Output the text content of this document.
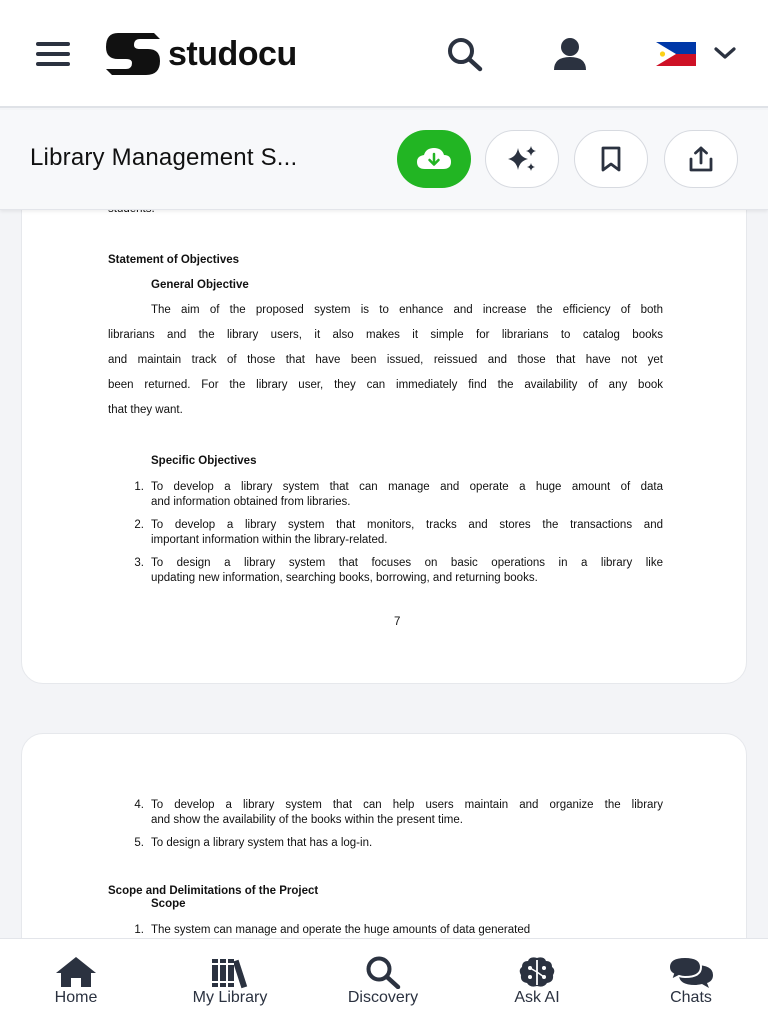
studocu
Library Management S...
Statement of Objectives
General Objective
The aim of the proposed system is to enhance and increase the efficiency of both
librarians and the library users, it also makes it simple for librarians to catalog books
and maintain track of those that have been issued, reissued and those that have not yet
been returned. For the library user, they can immediately find the availability of any book
that they want.
Specific Objectives
1. To develop a library system that can manage and operate a huge amount of data
and information obtained from libraries.
2. To develop a library system that monitors, tracks and stores the transactions and
important information within the library-related.
3. To design a library system that focuses on basic operations in a library like
updating new information, searching books, borrowing, and returning books.
7
4. To develop a library system that can help users maintain and organize the library
and show the availability of the books within the present time.
5. To design a library system that has a log-in.
Scope and Delimitations of the Project
Scope
1. The system can manage and operate the huge amounts of data generated
Home	My Library	Discovery	Ask AI	Chats
